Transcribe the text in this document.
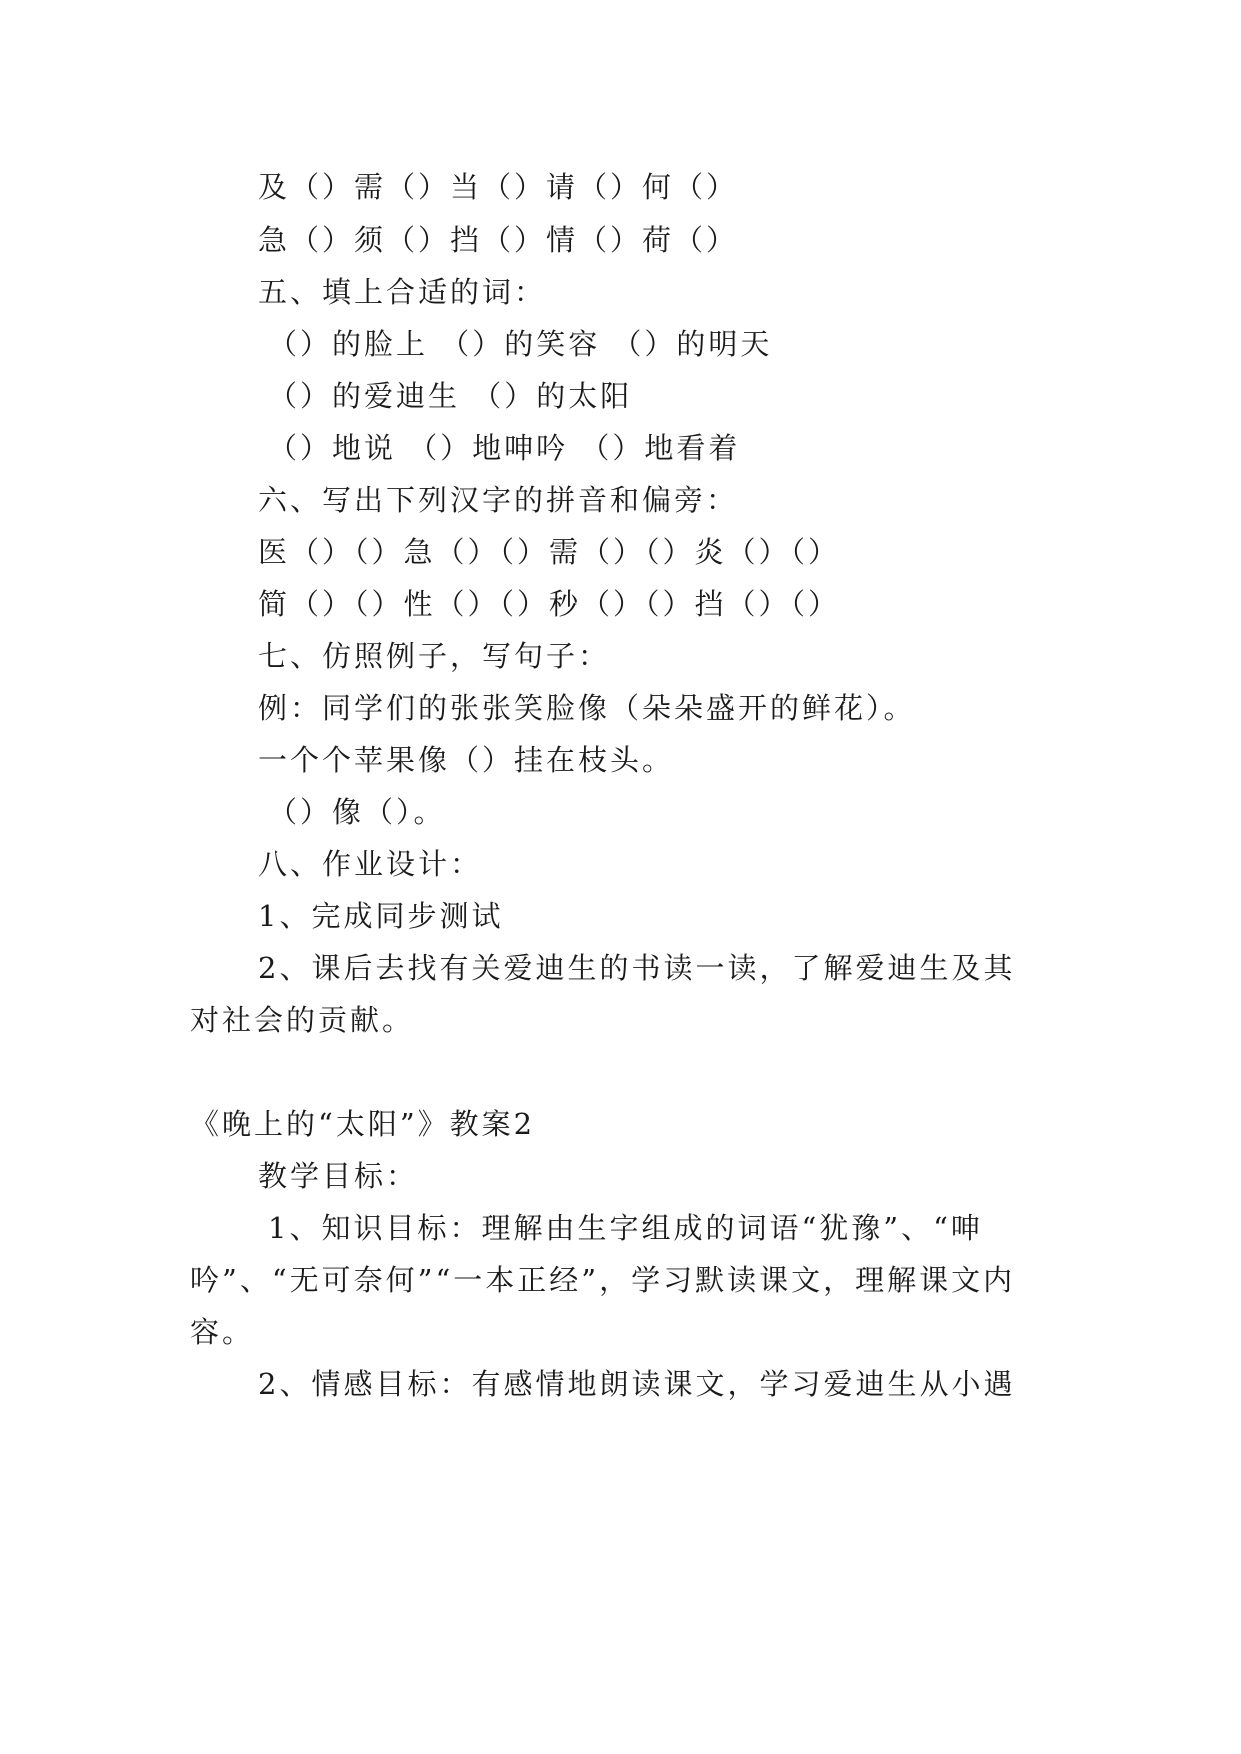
及（）需（）当（）请（）何（）
急（）须（）挡（）情（）荷（）
五、填上合适的词：
（）的脸上 （）的笑容 （）的明天
（）的爱迪生 （）的太阳
（）地说 （）地呻吟 （）地看着
六、写出下列汉字的拼音和偏旁：
医（）（）急（）（）需（）（）炎（）（）
简（）（）性（）（）秒（）（）挡（）（）
七、仿照例子，写句子：
例：同学们的张张笑脸像（朵朵盛开的鲜花）。
一个个苹果像（）挂在枝头。
（）像（）。
八、作业设计：
1、完成同步测试
2、课后去找有关爱迪生的书读一读，了解爱迪生及其
对社会的贡献。
《晚上的“太阳”》教案2
教学目标：
1、知识目标：理解由生字组成的词语“犹豫”、“呻
吟”、“无可奈何”“一本正经”，学习默读课文，理解课文内
容。
2、情感目标：有感情地朗读课文，学习爱迪生从小遇
